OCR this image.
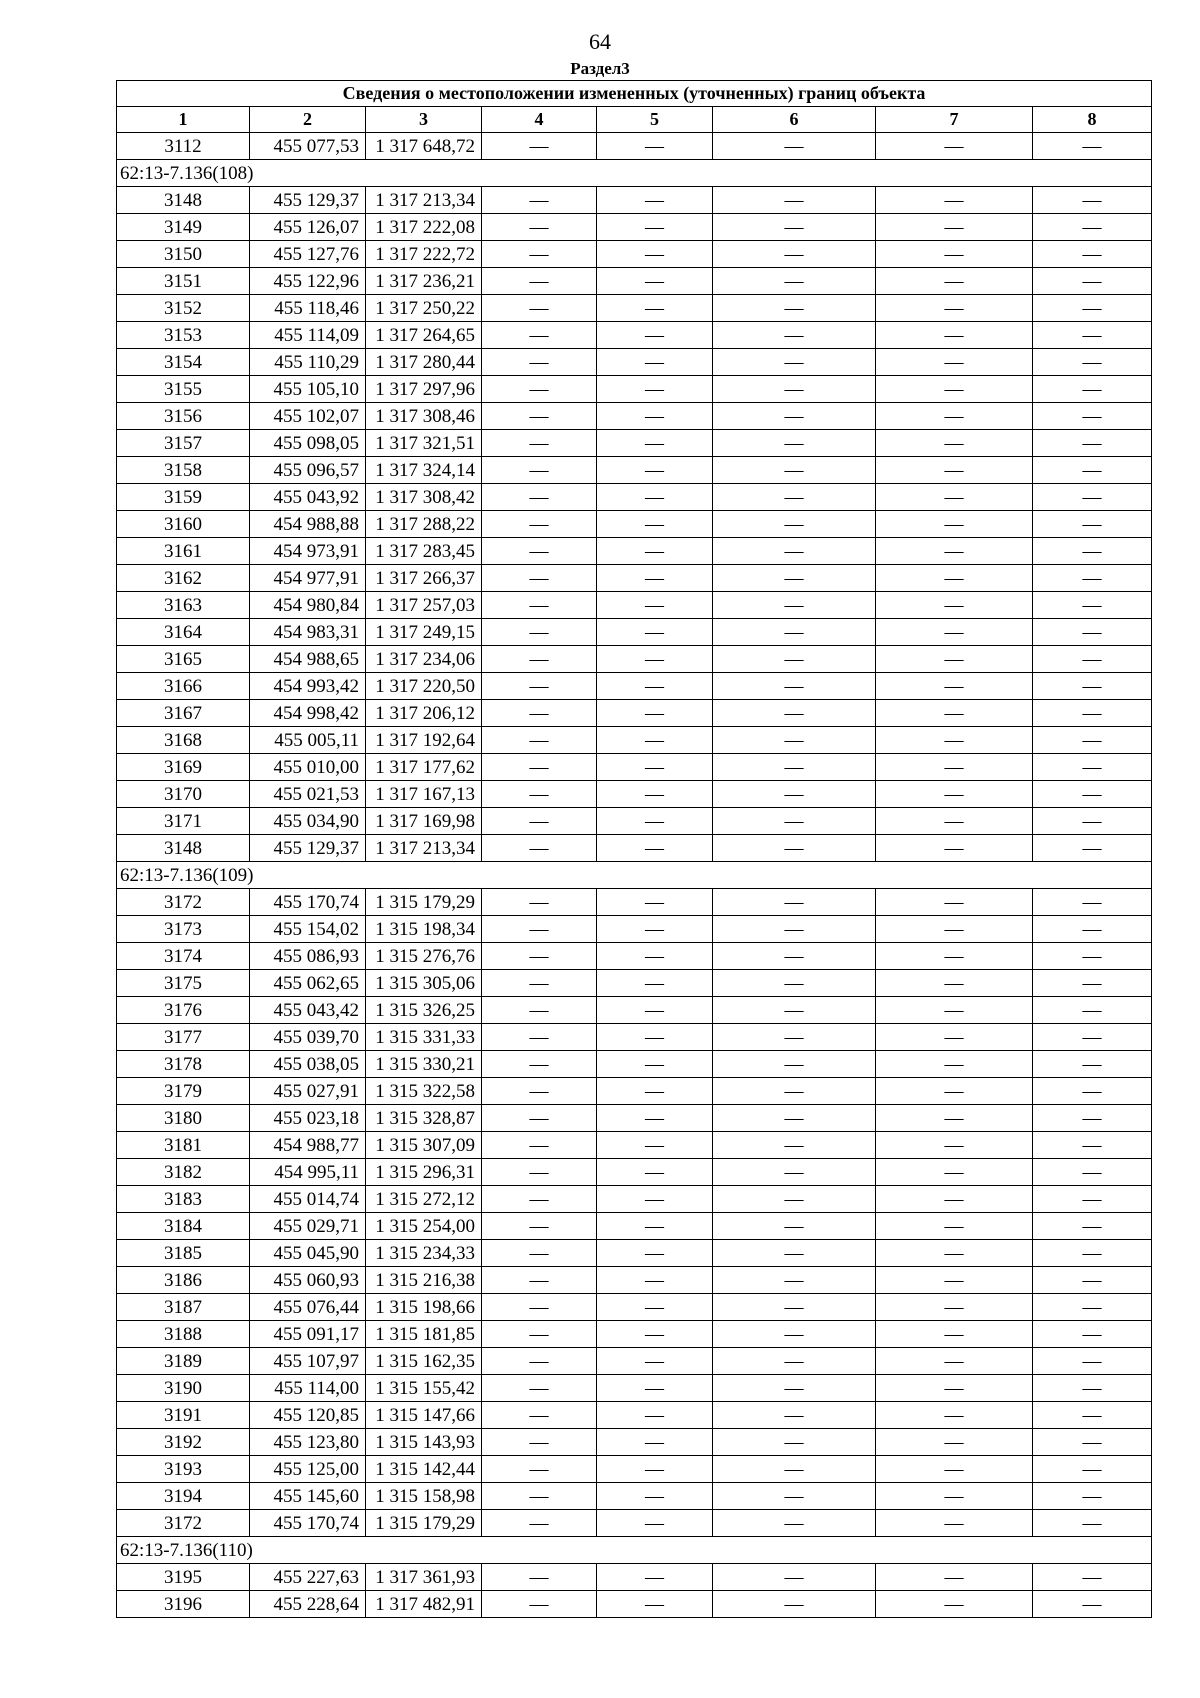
64
Раздел3
Сведения о местоположении измененных (уточненных) границ объекта							
1	2	3	4	5	6	7	8
3112	455 077,53	1 317 648,72	—	—	—	—	—
62:13-7.136(108)							
3148	455 129,37	1 317 213,34	—	—	—	—	—
3149	455 126,07	1 317 222,08	—	—	—	—	—
3150	455 127,76	1 317 222,72	—	—	—	—	—
3151	455 122,96	1 317 236,21	—	—	—	—	—
3152	455 118,46	1 317 250,22	—	—	—	—	—
3153	455 114,09	1 317 264,65	—	—	—	—	—
3154	455 110,29	1 317 280,44	—	—	—	—	—
3155	455 105,10	1 317 297,96	—	—	—	—	—
3156	455 102,07	1 317 308,46	—	—	—	—	—
3157	455 098,05	1 317 321,51	—	—	—	—	—
3158	455 096,57	1 317 324,14	—	—	—	—	—
3159	455 043,92	1 317 308,42	—	—	—	—	—
3160	454 988,88	1 317 288,22	—	—	—	—	—
3161	454 973,91	1 317 283,45	—	—	—	—	—
3162	454 977,91	1 317 266,37	—	—	—	—	—
3163	454 980,84	1 317 257,03	—	—	—	—	—
3164	454 983,31	1 317 249,15	—	—	—	—	—
3165	454 988,65	1 317 234,06	—	—	—	—	—
3166	454 993,42	1 317 220,50	—	—	—	—	—
3167	454 998,42	1 317 206,12	—	—	—	—	—
3168	455 005,11	1 317 192,64	—	—	—	—	—
3169	455 010,00	1 317 177,62	—	—	—	—	—
3170	455 021,53	1 317 167,13	—	—	—	—	—
3171	455 034,90	1 317 169,98	—	—	—	—	—
3148	455 129,37	1 317 213,34	—	—	—	—	—
62:13-7.136(109)							
3172	455 170,74	1 315 179,29	—	—	—	—	—
3173	455 154,02	1 315 198,34	—	—	—	—	—
3174	455 086,93	1 315 276,76	—	—	—	—	—
3175	455 062,65	1 315 305,06	—	—	—	—	—
3176	455 043,42	1 315 326,25	—	—	—	—	—
3177	455 039,70	1 315 331,33	—	—	—	—	—
3178	455 038,05	1 315 330,21	—	—	—	—	—
3179	455 027,91	1 315 322,58	—	—	—	—	—
3180	455 023,18	1 315 328,87	—	—	—	—	—
3181	454 988,77	1 315 307,09	—	—	—	—	—
3182	454 995,11	1 315 296,31	—	—	—	—	—
3183	455 014,74	1 315 272,12	—	—	—	—	—
3184	455 029,71	1 315 254,00	—	—	—	—	—
3185	455 045,90	1 315 234,33	—	—	—	—	—
3186	455 060,93	1 315 216,38	—	—	—	—	—
3187	455 076,44	1 315 198,66	—	—	—	—	—
3188	455 091,17	1 315 181,85	—	—	—	—	—
3189	455 107,97	1 315 162,35	—	—	—	—	—
3190	455 114,00	1 315 155,42	—	—	—	—	—
3191	455 120,85	1 315 147,66	—	—	—	—	—
3192	455 123,80	1 315 143,93	—	—	—	—	—
3193	455 125,00	1 315 142,44	—	—	—	—	—
3194	455 145,60	1 315 158,98	—	—	—	—	—
3172	455 170,74	1 315 179,29	—	—	—	—	—
62:13-7.136(110)							
3195	455 227,63	1 317 361,93	—	—	—	—	—
3196	455 228,64	1 317 482,91	—	—	—	—	—
